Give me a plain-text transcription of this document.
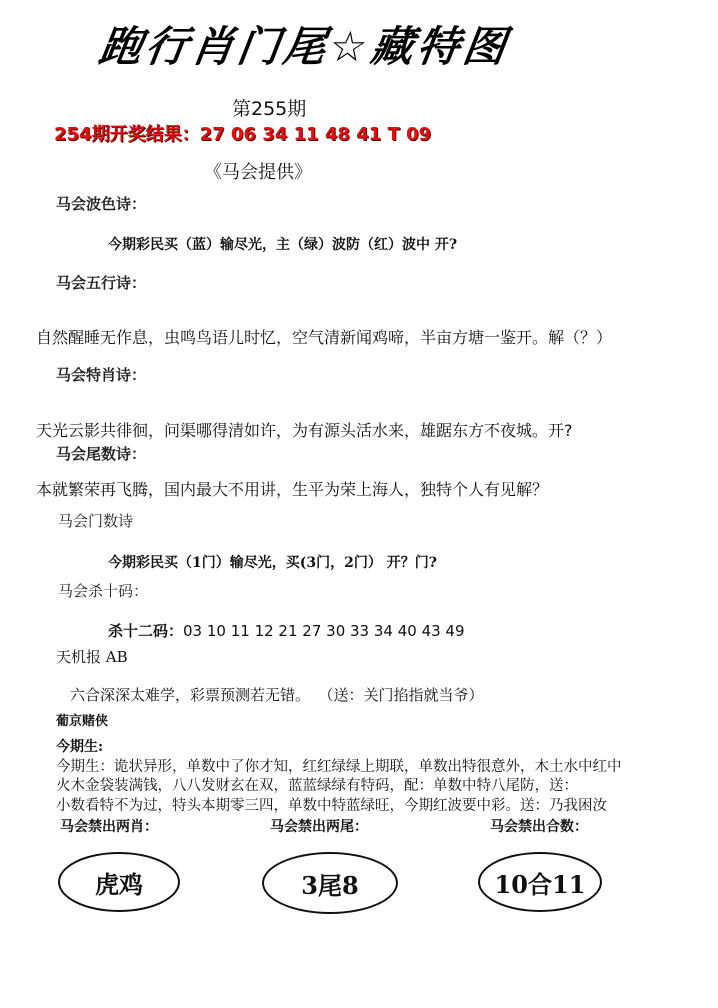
跑行肖门尾☆藏特图
第255期
254期开奖结果：27 06 34 11 48 41 T 09
《马会提供》
马会波色诗：
今期彩民买（蓝）输尽光，主（绿）波防（红）波中 开?
马会五行诗：
自然醒睡无作息，虫鸣鸟语儿时忆，空气清新闻鸡啼，半亩方塘一鉴开。解（？）
马会特肖诗：
天光云影共徘徊，问渠哪得清如许，为有源头活水来，雄踞东方不夜城。开?
马会尾数诗：
本就繁荣再飞腾，国内最大不用讲，生平为荣上海人，独特个人有见解？
马会门数诗
今期彩民买（1门）输尽光，买(3门，2门） 开？门?
马会杀十码：
杀十二码：03 10 11 12 21 27 30 33 34 40 43 49
天机报 AB
六合深深太难学，彩票预测若无错。 （送：关门掐指就当爷）
葡京赌侠
今期生:
今期生：诡状异形，单数中了你才知，红红绿绿上期联，单数出特很意外，木土水中红中
火木金袋装满钱，八八发财玄在双，蓝蓝绿绿有特码，配：单数中特八尾防，送：
小数看特不为过，特头本期零三四，单数中特蓝绿旺，今期红波要中彩。送：乃我困汝
马会禁出两肖：	马会禁出两尾：	马会禁出合数：
虎鸡	3尾8	10合11
